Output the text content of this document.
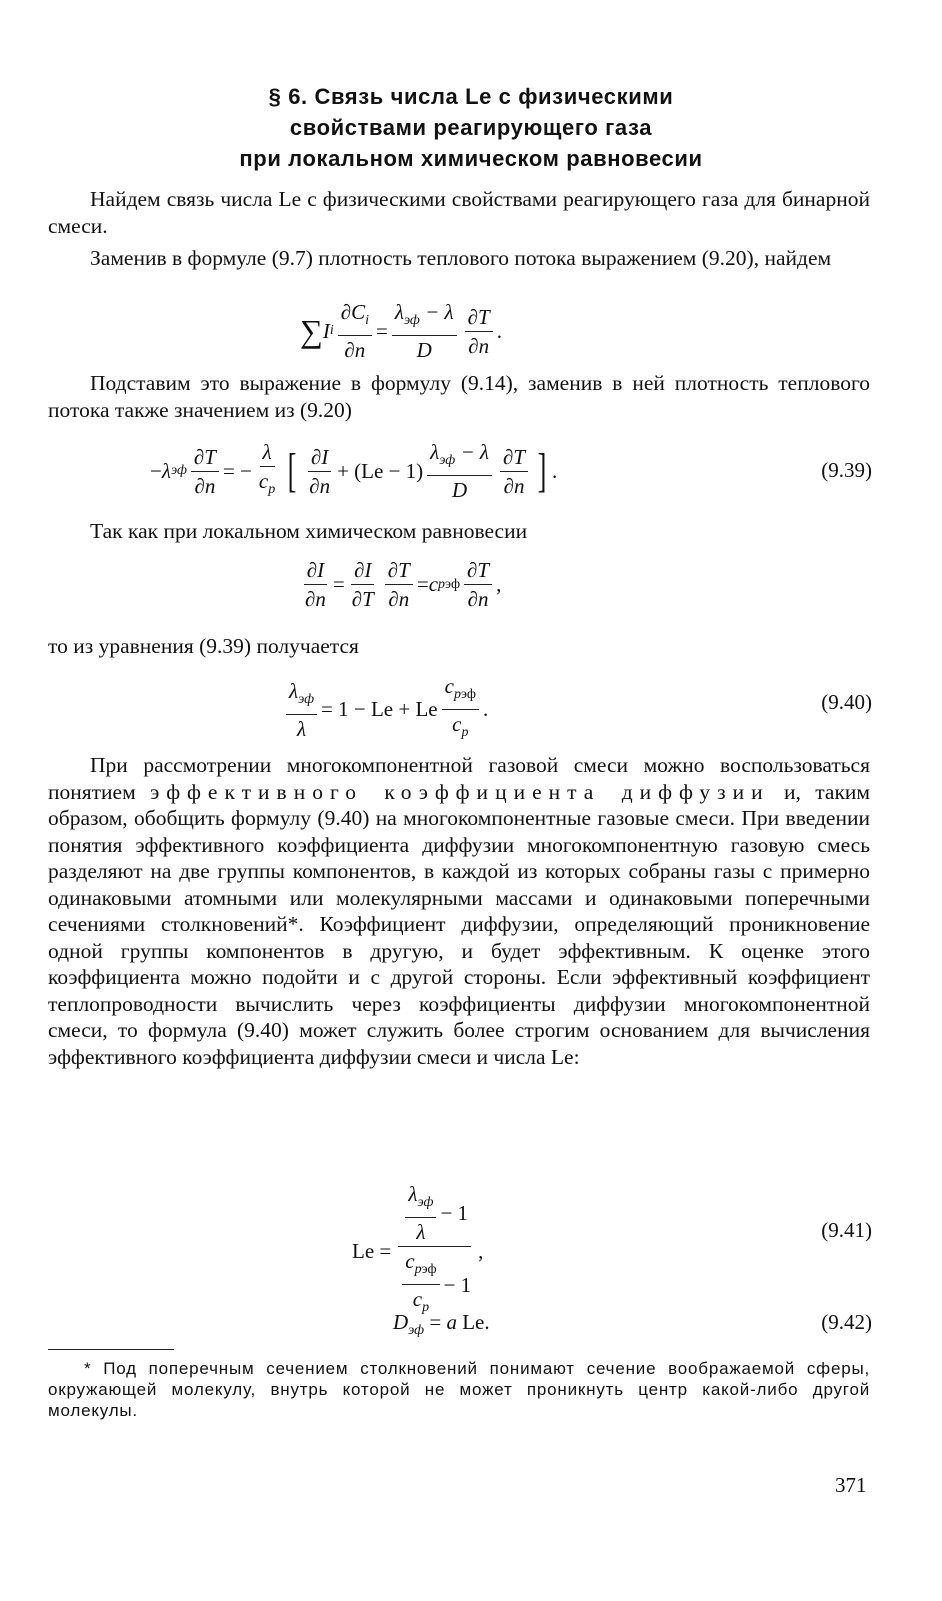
§ 6. Связь числа Le с физическими
свойствами реагирующего газа
при локальном химическом равновесии
Найдем связь числа Le с физическими свойствами реагирующего газа для бинарной смеси.
Заменив в формуле (9.7) плотность теплового потока выражением (9.20), найдем
∑ I i $\frac{\partial C_i}{\partial n} = \frac{\lambda_{эф} - \lambda}{D} \frac{\partial T}{\partial n}$ .
Подставим это выражение в формулу (9.14), заменив в ней плотность теплового потока также значением из (9.20)
− λ эф $\frac{\partial T}{\partial n}$ = − $\frac{\lambda}{c_p}$ [ $\frac{\partial I}{\partial n} + (Le - 1) \frac{\lambda_{эф} - \lambda}{D} \frac{\partial T}{\partial n}$ ] .	(9.39)
Так как при локальном химическом равновесии
$\frac{\partial I}{\partial n} = \frac{\partial I}{\partial T} \frac{\partial T}{\partial n} = c$ pэф $\frac{\partial T}{\partial n}$ ,
то из уравнения (9.39) получается
$\frac{\lambda_{эф}}{\lambda} = 1 - Le + Le \frac{c_{pэф}}{c_p}$ .	(9.40)
При рассмотрении многокомпонентной газовой смеси можно воспользоваться понятием эффективного коэффициента диффузии и, таким образом, обобщить формулу (9.40) на многокомпонентные газовые смеси. При введении понятия эффективного коэффициента диффузии многокомпонентную газовую смесь разделяют на две группы компонентов, в каждой из которых собраны газы с примерно одинаковыми атомными или молекулярными массами и одинаковыми поперечными сечениями столкновений*. Коэффициент диффузии, определяющий проникновение одной группы компонентов в другую, и будет эффективным. К оценке этого коэффициента можно подойти и с другой стороны. Если эффективный коэффициент теплопроводности вычислить через коэффициенты диффузии многокомпонентной смеси, то формула (9.40) может служить более строгим основанием для вычисления эффективного коэффициента диффузии смеси и числа Le:
$Le = \frac{\frac{\lambda_{эф}}{\lambda} - 1}{\frac{c_{pэф}}{c_p} - 1}$ ,
(9.41)
$D_{эф} = a$ Le.	(9.42)
* Под поперечным сечением столкновений понимают сечение воображаемой сферы, окружающей молекулу, внутрь которой не может проникнуть центр какой-либо другой молекулы.
371
